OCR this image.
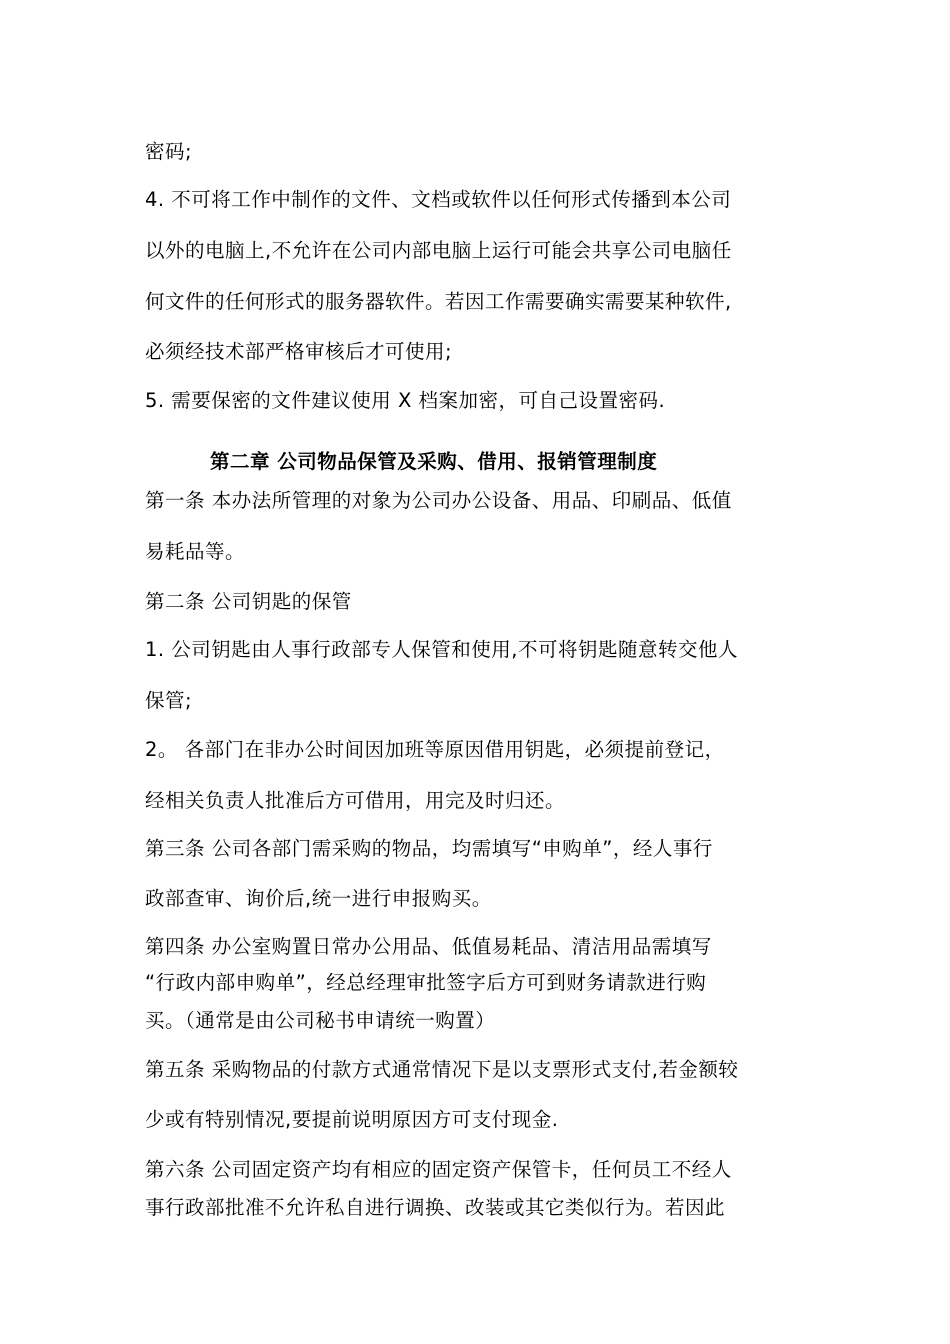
密码;
4. 不可将工作中制作的文件、文档或软件以任何形式传播到本公司
以外的电脑上,不允许在公司内部电脑上运行可能会共享公司电脑任
何文件的任何形式的服务器软件。若因工作需要确实需要某种软件,
必须经技术部严格审核后才可使用;
5. 需要保密的文件建议使用 X 档案加密，可自己设置密码.
第二章 公司物品保管及采购、借用、报销管理制度
第一条 本办法所管理的对象为公司办公设备、用品、印刷品、低值
易耗品等。
第二条 公司钥匙的保管
1. 公司钥匙由人事行政部专人保管和使用,不可将钥匙随意转交他人
保管;
2。 各部门在非办公时间因加班等原因借用钥匙，必须提前登记，
经相关负责人批准后方可借用，用完及时归还。
第三条 公司各部门需采购的物品，均需填写“申购单”，经人事行
政部查审、询价后,统一进行申报购买。
第四条 办公室购置日常办公用品、低值易耗品、清洁用品需填写
“行政内部申购单”，经总经理审批签字后方可到财务请款进行购
买。（通常是由公司秘书申请统一购置）
第五条 采购物品的付款方式通常情况下是以支票形式支付,若金额较
少或有特别情况,要提前说明原因方可支付现金.
第六条 公司固定资产均有相应的固定资产保管卡，任何员工不经人
事行政部批准不允许私自进行调换、改装或其它类似行为。若因此
